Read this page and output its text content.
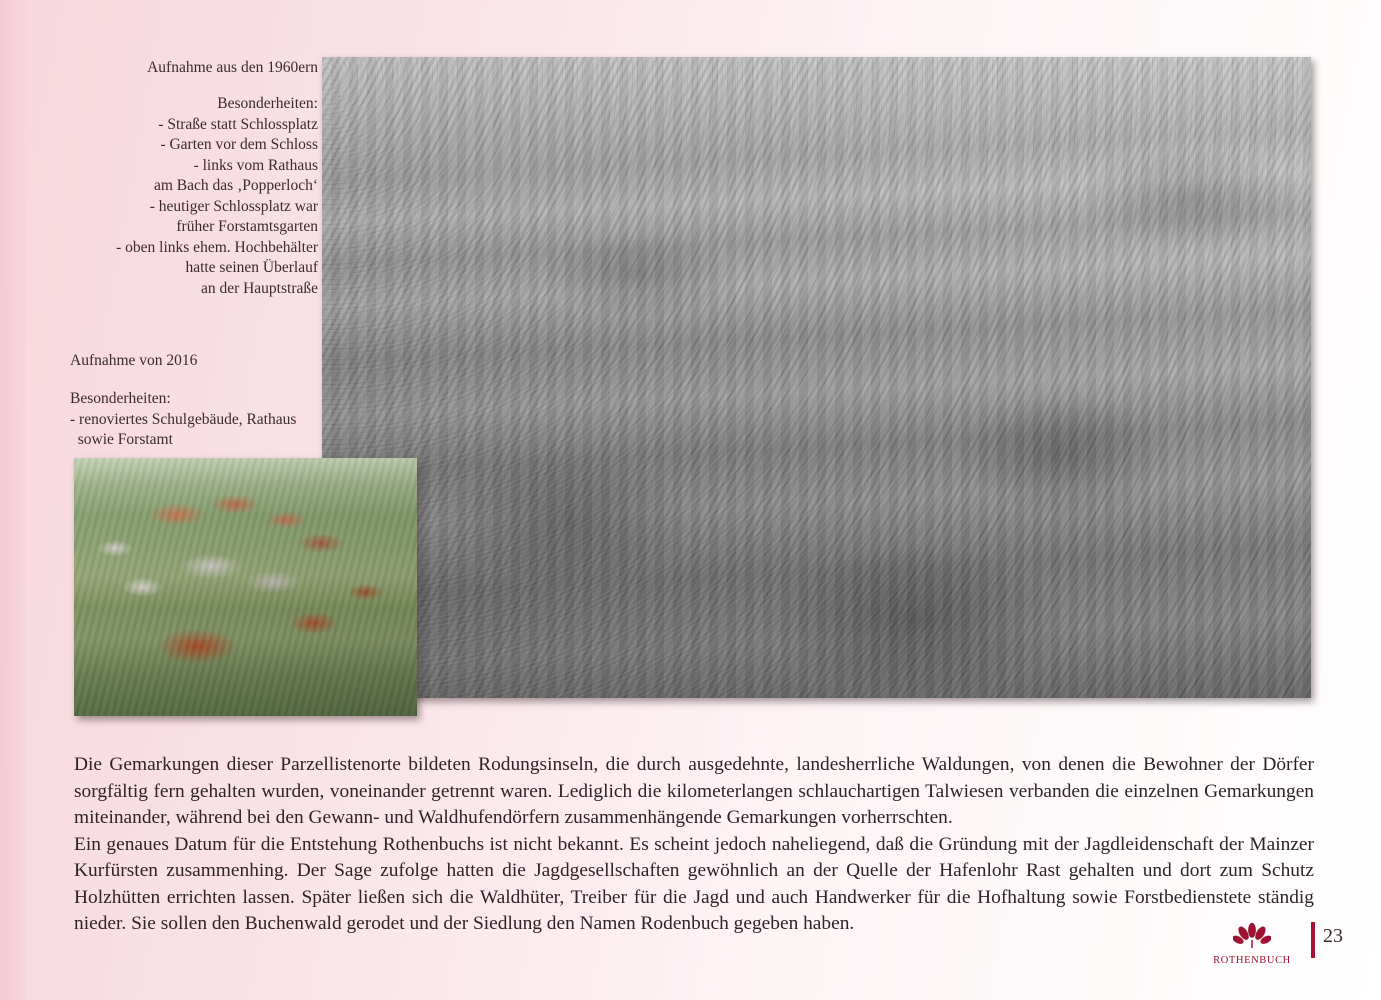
Aufnahme aus den 1960ern
Besonderheiten:
- Straße statt Schlossplatz
- Garten vor dem Schloss
- links vom Rathaus
am Bach das ‚Popperloch‘
- heutiger Schlossplatz war
früher Forstamtsgarten
- oben links ehem. Hochbehälter
hatte seinen Überlauf
an der Hauptstraße
Aufnahme von 2016
Besonderheiten:
- renoviertes Schulgebäude, Rathaus
sowie Forstamt

Die Gemarkungen dieser Parzellistenorte bildeten Rodungsinseln, die durch ausgedehnte, landesherrliche Waldungen, von denen die Bewohner der Dörfer sorgfältig fern gehalten wurden, voneinander getrennt waren. Lediglich die kilometerlangen schlauchartigen Talwiesen verbanden die einzelnen Gemarkungen miteinander, während bei den Gewann- und Waldhufendörfern zusammenhängende Gemarkungen vorherrschten.

Ein genaues Datum für die Entstehung Rothenbuchs ist nicht bekannt. Es scheint jedoch naheliegend, daß die Gründung mit der Jagdleidenschaft der Mainzer Kurfürsten zusammenhing. Der Sage zufolge hatten die Jagdgesellschaften gewöhnlich an der Quelle der Hafenlohr Rast gehalten und dort zum Schutz Holzhütten errichten lassen. Später ließen sich die Waldhüter, Treiber für die Jagd und auch Handwerker für die Hofhaltung sowie Forstbedienstete ständig nieder. Sie sollen den Buchenwald gerodet und der Siedlung den Namen Rodenbuch gegeben haben.

23
ROTHENBUCH
